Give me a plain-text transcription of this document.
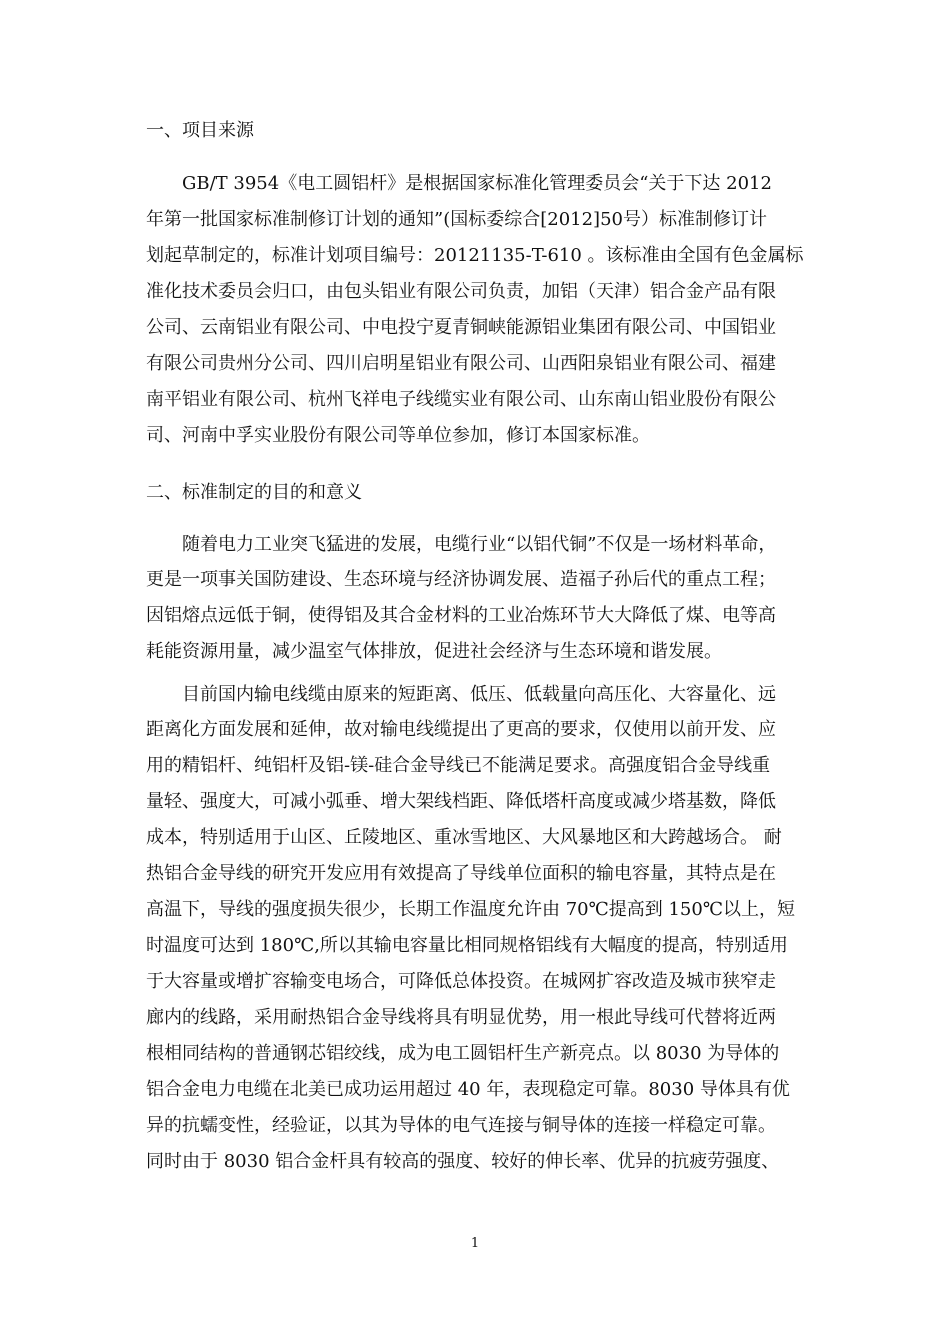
一、项目来源
GB/T 3954《电工圆铝杆》是根据国家标准化管理委员会“关于下达 2012
年第一批国家标准制修订计划的通知”(国标委综合[2012]50号）标准制修订计
划起草制定的，标准计划项目编号：20121135-T-610 。该标准由全国有色金属标
准化技术委员会归口，由包头铝业有限公司负责，加铝（天津）铝合金产品有限
公司、云南铝业有限公司、中电投宁夏青铜峡能源铝业集团有限公司、中国铝业
有限公司贵州分公司、四川启明星铝业有限公司、山西阳泉铝业有限公司、福建
南平铝业有限公司、杭州飞祥电子线缆实业有限公司、山东南山铝业股份有限公
司、河南中孚实业股份有限公司等单位参加，修订本国家标准。
二、标准制定的目的和意义
随着电力工业突飞猛进的发展，电缆行业“以铝代铜”不仅是一场材料革命，
更是一项事关国防建设、生态环境与经济协调发展、造福子孙后代的重点工程；
因铝熔点远低于铜，使得铝及其合金材料的工业冶炼环节大大降低了煤、电等高
耗能资源用量，减少温室气体排放，促进社会经济与生态环境和谐发展。
目前国内输电线缆由原来的短距离、低压、低载量向高压化、大容量化、远
距离化方面发展和延伸，故对输电线缆提出了更高的要求，仅使用以前开发、应
用的精铝杆、纯铝杆及铝-镁-硅合金导线已不能满足要求。高强度铝合金导线重
量轻、强度大，可减小弧垂、增大架线档距、降低塔杆高度或减少塔基数，降低
成本，特别适用于山区、丘陵地区、重冰雪地区、大风暴地区和大跨越场合。 耐
热铝合金导线的研究开发应用有效提高了导线单位面积的输电容量，其特点是在
高温下，导线的强度损失很少，长期工作温度允许由 70℃提高到 150℃以上，短
时温度可达到 180℃,所以其输电容量比相同规格铝线有大幅度的提高，特别适用
于大容量或增扩容输变电场合，可降低总体投资。在城网扩容改造及城市狭窄走
廊内的线路，采用耐热铝合金导线将具有明显优势，用一根此导线可代替将近两
根相同结构的普通钢芯铝绞线，成为电工圆铝杆生产新亮点。以 8030 为导体的
铝合金电力电缆在北美已成功运用超过 40 年，表现稳定可靠。8030 导体具有优
异的抗蠕变性，经验证，以其为导体的电气连接与铜导体的连接一样稳定可靠。
同时由于 8030 铝合金杆具有较高的强度、较好的伸长率、优异的抗疲劳强度、
1
